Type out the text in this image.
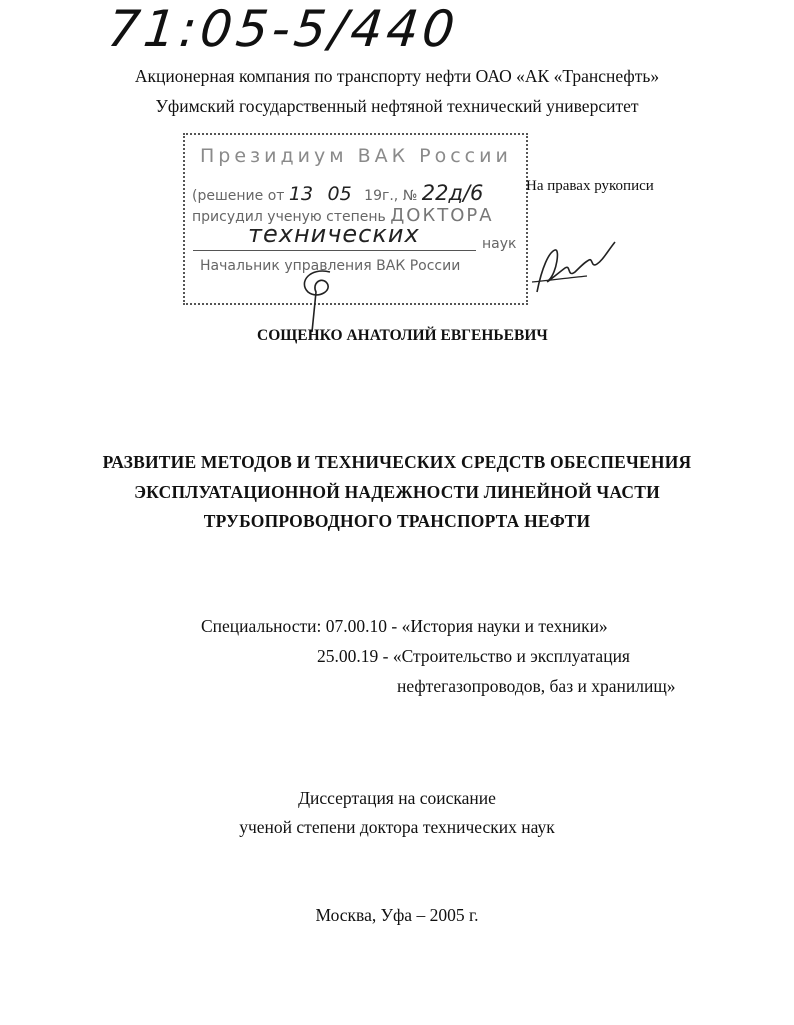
71:05-5/440
Акционерная компания по транспорту нефти ОАО «АК «Транснефть»
Уфимский государственный нефтяной технический университет
Президиум ВАК России
(решение от 13 05 19г., № 22д/6
присудил ученую степень ДОКТОРА
технических	наук
Начальник управления ВАК России
На правах рукописи
СОЩЕНКО АНАТОЛИЙ ЕВГЕНЬЕВИЧ
РАЗВИТИЕ МЕТОДОВ И ТЕХНИЧЕСКИХ СРЕДСТВ ОБЕСПЕЧЕНИЯ
ЭКСПЛУАТАЦИОННОЙ НАДЕЖНОСТИ ЛИНЕЙНОЙ ЧАСТИ
ТРУБОПРОВОДНОГО ТРАНСПОРТА НЕФТИ
Специальности: 07.00.10 - «История науки и техники»
25.00.19 - «Строительство и эксплуатация
нефтегазопроводов, баз и хранилищ»
Диссертация на соискание
ученой степени доктора технических наук
Москва, Уфа – 2005 г.
